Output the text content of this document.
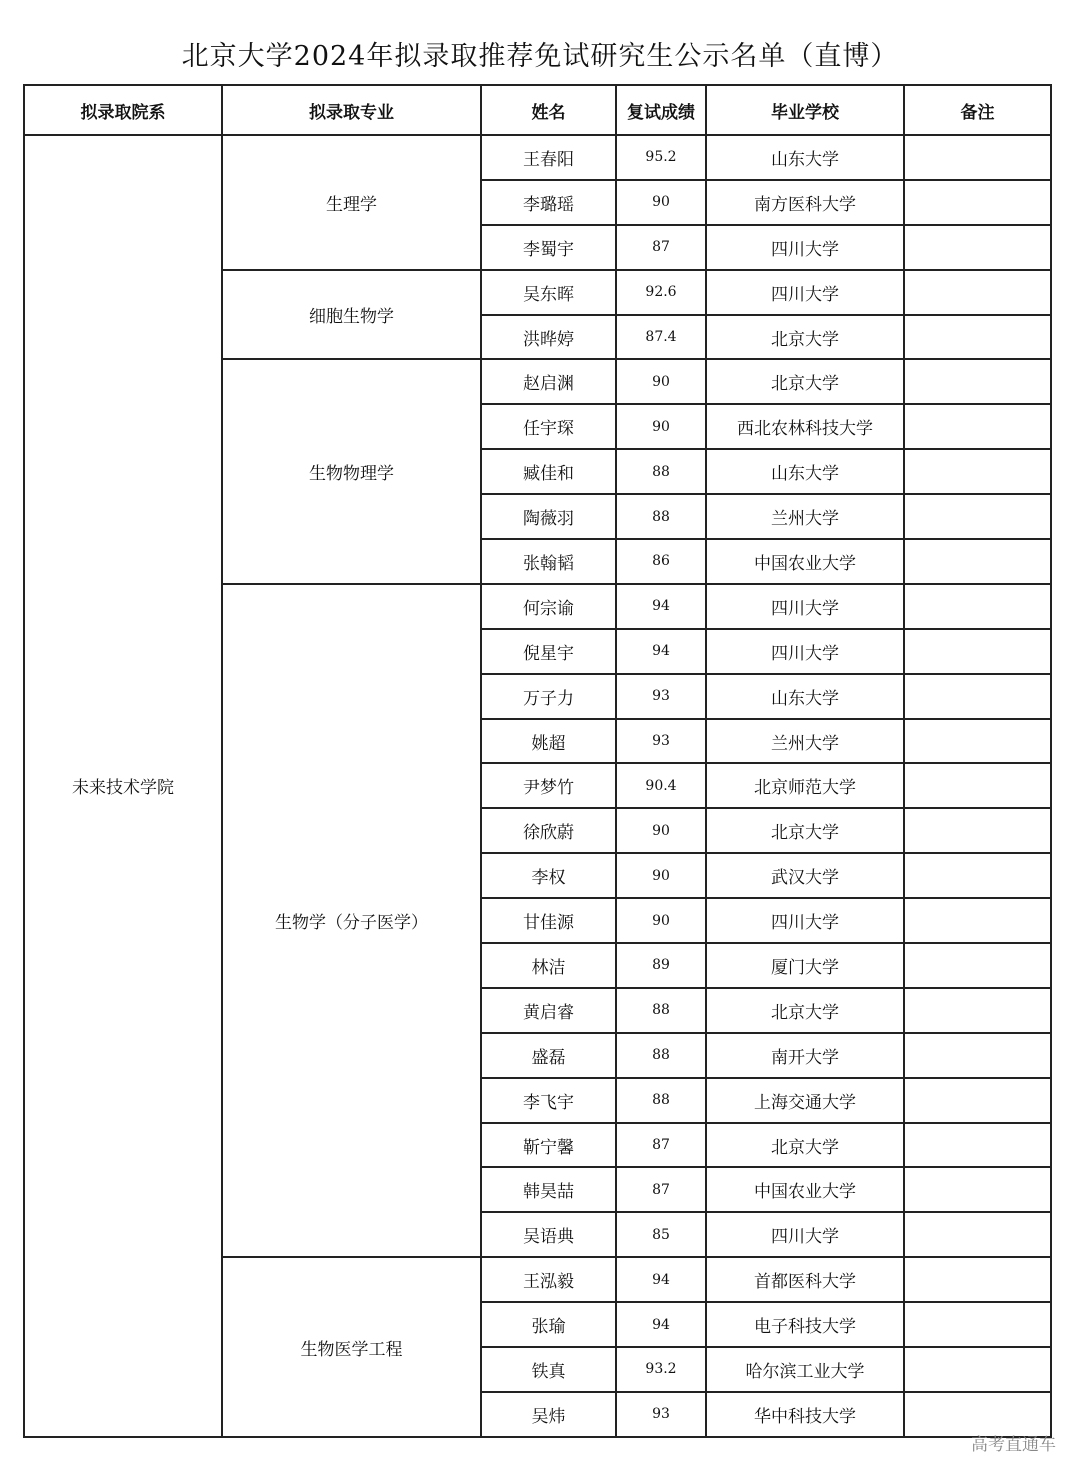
北京大学2024年拟录取推荐免试研究生公示名单（直博）
拟录取院系	拟录取专业	姓名	复试成绩	毕业学校	备注
未来技术学院	生理学	王春阳	95.2	山东大学	
		李璐瑶	90	南方医科大学	
		李蜀宇	87	四川大学	
	细胞生物学	吴东晖	92.6	四川大学	
		洪晔婷	87.4	北京大学	
	生物物理学	赵启渊	90	北京大学	
		任宇琛	90	西北农林科技大学	
		臧佳和	88	山东大学	
		陶薇羽	88	兰州大学	
		张翰韬	86	中国农业大学	
	生物学（分子医学）	何宗谕	94	四川大学	
		倪星宇	94	四川大学	
		万子力	93	山东大学	
		姚超	93	兰州大学	
		尹梦竹	90.4	北京师范大学	
		徐欣蔚	90	北京大学	
		李权	90	武汉大学	
		甘佳源	90	四川大学	
		林洁	89	厦门大学	
		黄启睿	88	北京大学	
		盛磊	88	南开大学	
		李飞宇	88	上海交通大学	
		靳宁馨	87	北京大学	
		韩昊喆	87	中国农业大学	
		吴语典	85	四川大学	
	生物医学工程	王泓毅	94	首都医科大学	
		张瑜	94	电子科技大学	
		铁真	93.2	哈尔滨工业大学	
		吴炜	93	华中科技大学	
高考直通车
